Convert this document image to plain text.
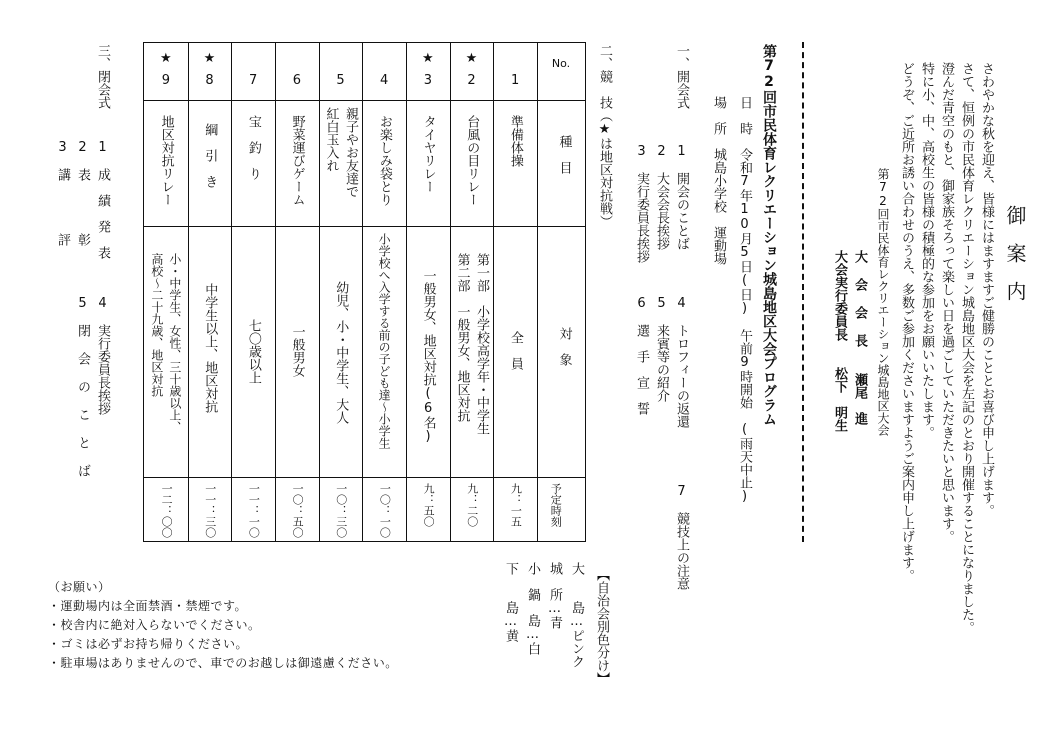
御案内
さわやかな秋を迎え、皆様にはますますご健勝のこととお喜び申し上げます。
さて、恒例の市民体育レクリエーション城島地区大会を左記のとおり開催することになりました。
澄んだ青空のもと、御家族そろって楽しい日を過ごしていただきたいと思います。
特に小、中、高校生の皆様の積極的な参加をお願いいたします。
どうぞ、ご近所お誘い合わせのうえ、多数ご参加くださいますようご案内申し上げます。
第72回市民体育レクリエーション城島地区大会
大 会 会 長　　瀬尾　進
大会実行委員長　　松下　明生
第72回市民体育レクリエーション城島地区大会プログラム
日　時　令和7年10月5日(日)　午前9時開始　(雨天中止)
場　所　城島小学校　運動場
一、開会式
1　開会のことば
2　大会会長挨拶
3　実行委員長挨拶
4　トロフィーの返還
5　来賓等の紹介
6　選　手　宣　誓
7　競技上の注意
二、競　技（★は地区対抗戦）
No.
種　目
対　象
予定時刻
1
準備体操
全　員
九：一五
★
2
台風の目リレー
第一部　小学校高学年・中学生
第二部　一般男女、地区対抗
九：二〇
★
3
タイヤリレー
一般男女、地区対抗(6名)
九：五〇
4
お楽しみ袋とり
小学校へ入学する前の子ども達～小学生
一〇：一〇
5
親子やお友達で
紅白玉入れ
幼児、小・中学生、大人
一〇：三〇
6
野菜運びゲーム
一般男女
一〇：五〇
7
宝　釣　り
七〇歳以上
一一：一〇
★
8
綱　引　き
中学生以上、地区対抗
一一：三〇
★
9
地区対抗リレー
小・中学生、女性、三十歳以上、
高校～二十九歳、地区対抗
一二：〇〇
三、閉会式
1　成　績　発　表
2　表　　　　彰
3　講　　　　評
4　実行委員長挨拶
5　閉 会 の こ と ば
【自治会別色分け】
大　　島…ピンク
城　所…青
小　鍋　島…白
下　　島…黄
（お願い）
・運動場内は全面禁酒・禁煙です。
・校舎内に絶対入らないでください。
・ゴミは必ずお持ち帰りください。
・駐車場はありませんので、車でのお越しは御遠慮ください。
